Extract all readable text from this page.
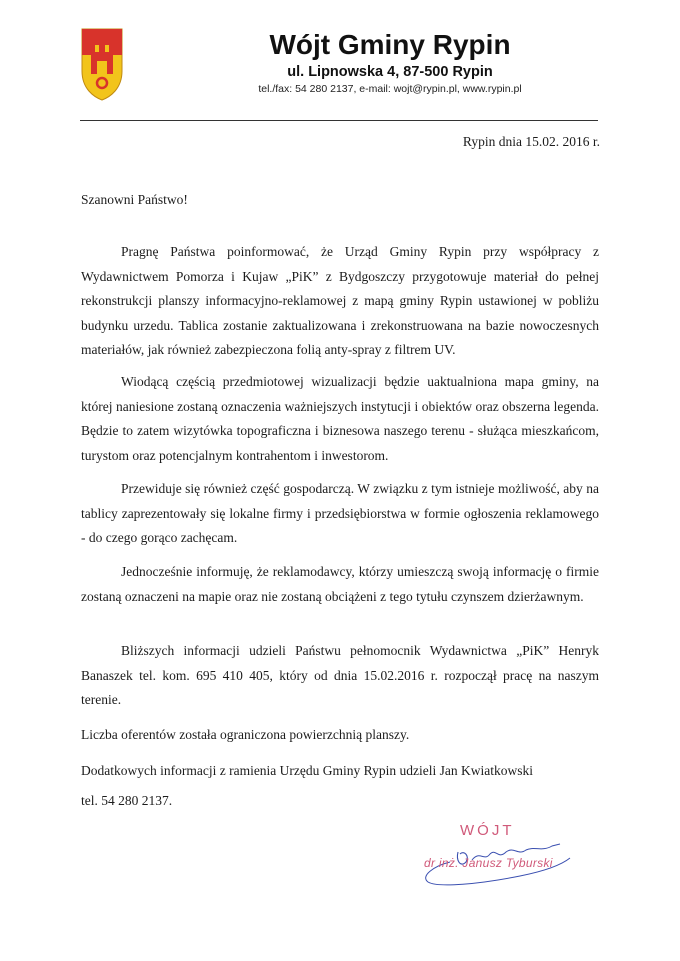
Wójt Gminy Rypin
ul. Lipnowska 4, 87-500 Rypin
tel./fax: 54 280 2137, e-mail: wojt@rypin.pl, www.rypin.pl
Rypin dnia 15.02. 2016 r.
Szanowni Państwo!

Pragnę Państwa poinformować, że Urząd Gminy Rypin przy współpracy z Wydawnictwem Pomorza i Kujaw „PiK” z Bydgoszczy przygotowuje materiał do pełnej rekonstrukcji planszy informacyjno-reklamowej z mapą gminy Rypin ustawionej w pobliżu budynku urzedu. Tablica zostanie zaktualizowana i zrekonstruowana na bazie nowoczesnych materiałów, jak również zabezpieczona folią anty-spray z filtrem UV.

Wiodącą częścią przedmiotowej wizualizacji będzie uaktualniona mapa gminy, na której naniesione zostaną oznaczenia ważniejszych instytucji i obiektów oraz obszerna legenda. Będzie to zatem wizytówka topograficzna i biznesowa naszego terenu - służąca mieszkańcom, turystom oraz potencjalnym kontrahentom i inwestorom.

Przewiduje się również część gospodarczą. W związku z tym istnieje możliwość, aby na tablicy zaprezentowały się lokalne firmy i przedsiębiorstwa w formie ogłoszenia reklamowego - do czego gorąco zachęcam.

Jednocześnie informuję, że reklamodawcy, którzy umieszczą swoją informację o firmie zostaną oznaczeni na mapie oraz nie zostaną obciążeni z tego tytułu czynszem dzierżawnym.

Bliższych informacji udzieli Państwu pełnomocnik Wydawnictwa „PiK” Henryk Banaszek tel. kom. 695 410 405, który od dnia 15.02.2016 r. rozpoczął pracę na naszym terenie.

Liczba oferentów została ograniczona powierzchnią planszy.
Dodatkowych informacji z ramienia Urzędu Gminy Rypin udzieli Jan Kwiatkowski
tel. 54 280 2137.
WÓJT
dr inż. Janusz Tyburski
